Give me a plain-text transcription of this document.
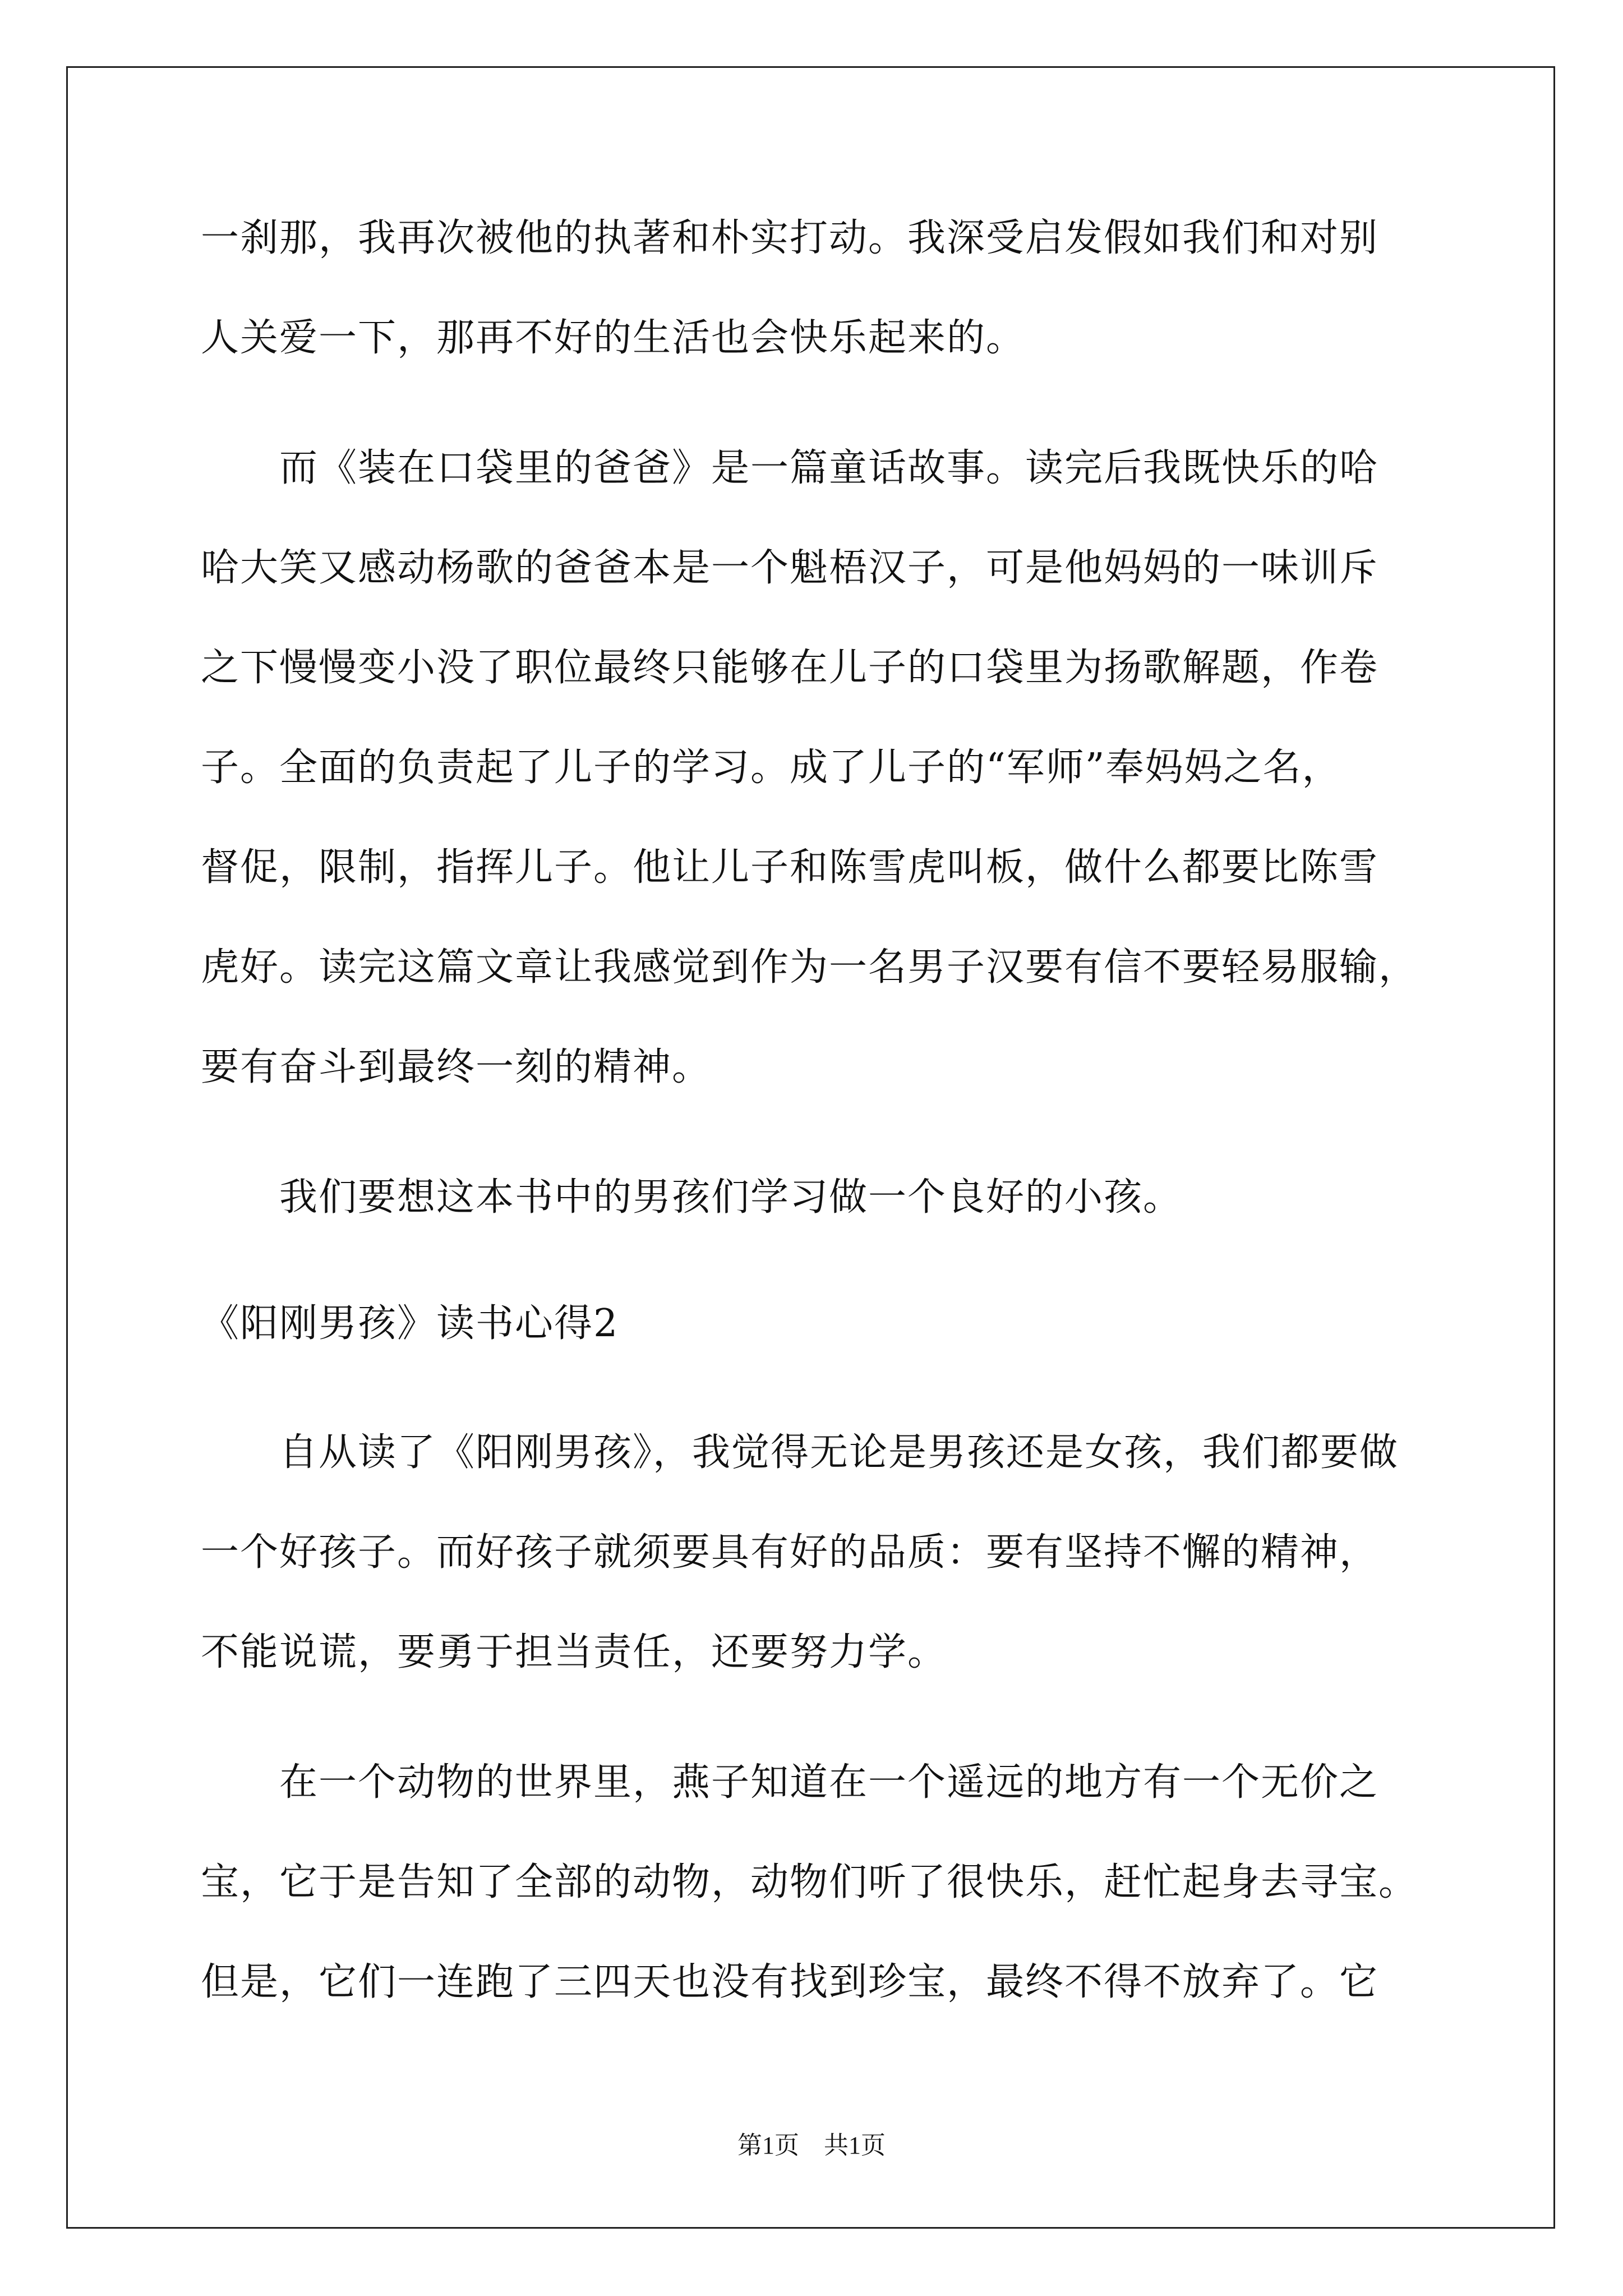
一刹那，我再次被他的执著和朴实打动。我深受启发假如我们和对别
人关爱一下，那再不好的生活也会快乐起来的。
　　而《装在口袋里的爸爸》是一篇童话故事。读完后我既快乐的哈
哈大笑又感动杨歌的爸爸本是一个魁梧汉子，可是他妈妈的一味训斥
之下慢慢变小没了职位最终只能够在儿子的口袋里为扬歌解题，作卷
子。全面的负责起了儿子的学习。成了儿子的“军师”奉妈妈之名，
督促，限制，指挥儿子。他让儿子和陈雪虎叫板，做什么都要比陈雪
虎好。读完这篇文章让我感觉到作为一名男子汉要有信不要轻易服输，
要有奋斗到最终一刻的精神。
　　我们要想这本书中的男孩们学习做一个良好的小孩。
《阳刚男孩》读书心得2
　　自从读了《阳刚男孩》，我觉得无论是男孩还是女孩，我们都要做
一个好孩子。而好孩子就须要具有好的品质：要有坚持不懈的精神，
不能说谎，要勇于担当责任，还要努力学。
　　在一个动物的世界里，燕子知道在一个遥远的地方有一个无价之
宝，它于是告知了全部的动物，动物们听了很快乐，赶忙起身去寻宝。
但是，它们一连跑了三四天也没有找到珍宝，最终不得不放弃了。它
第1页　共1页
